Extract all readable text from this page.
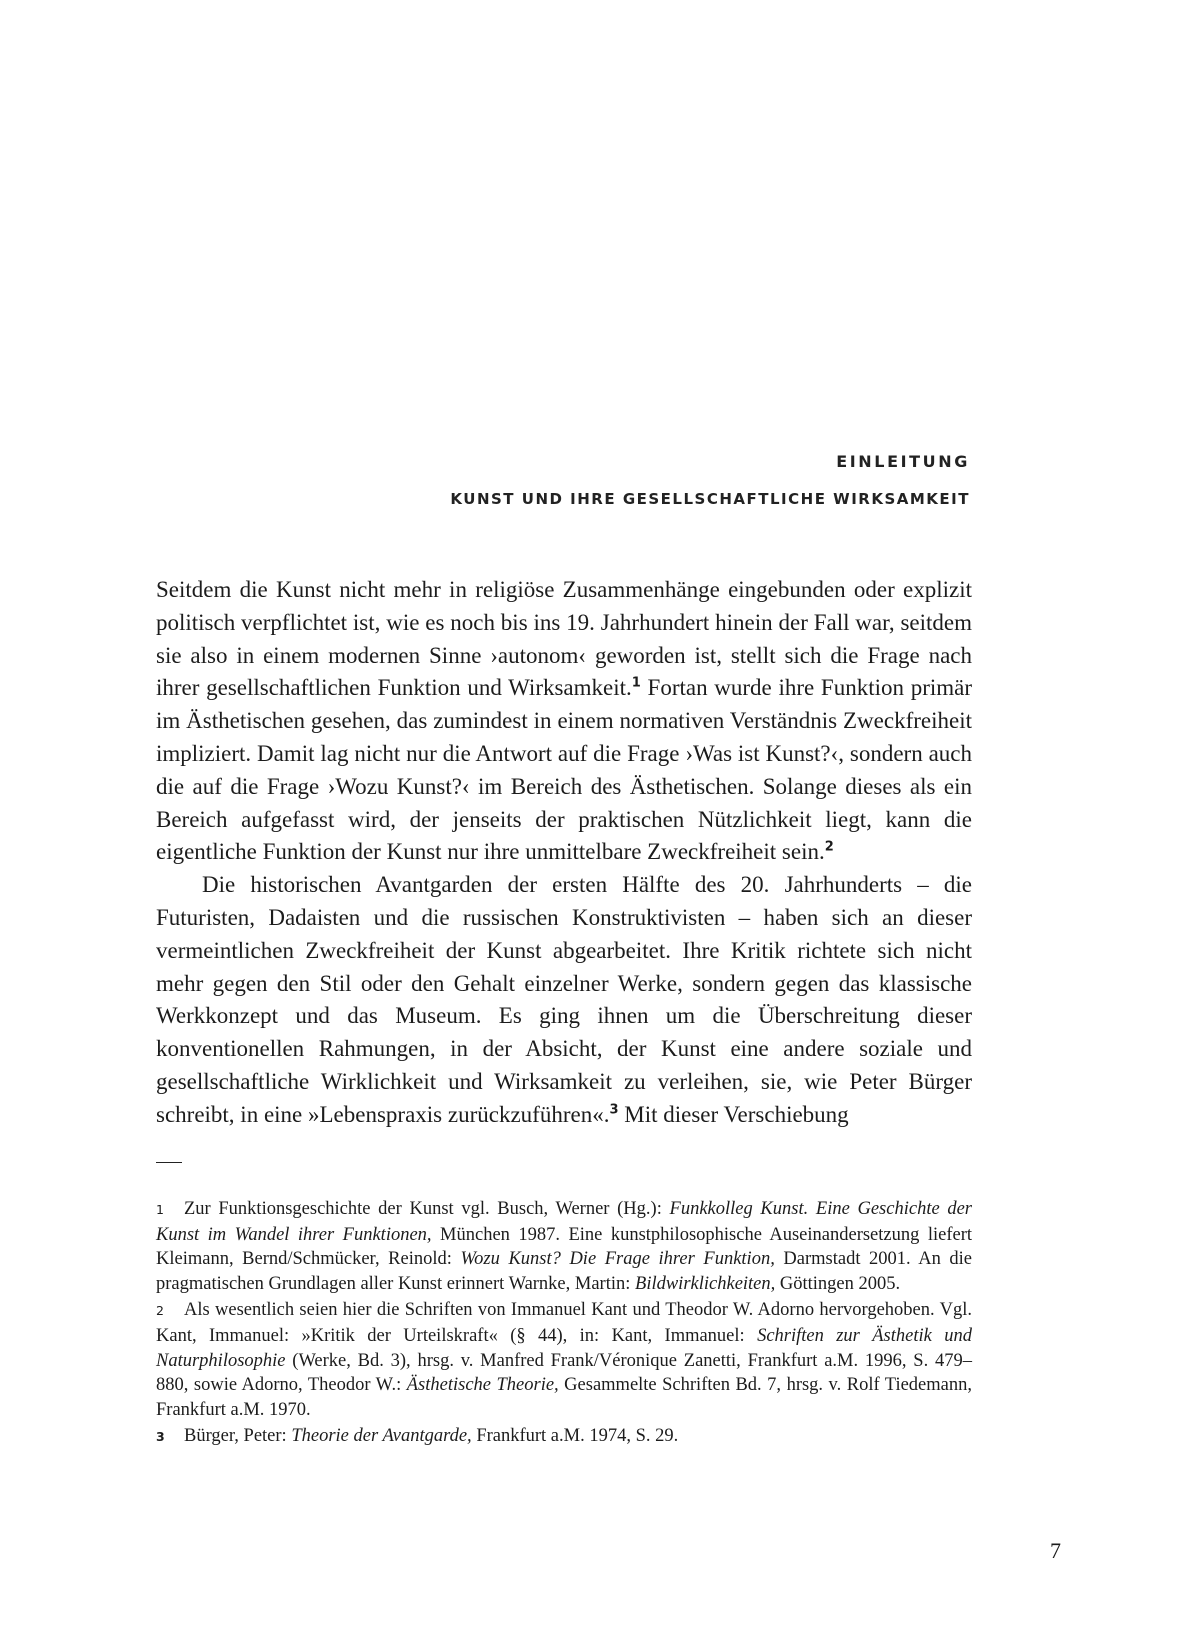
EINLEITUNG
KUNST UND IHRE GESELLSCHAFTLICHE WIRKSAMKEIT

Seitdem die Kunst nicht mehr in religiöse Zusammenhänge eingebunden oder explizit politisch verpflichtet ist, wie es noch bis ins 19. Jahrhundert hinein der Fall war, seitdem sie also in einem modernen Sinne ›autonom‹ geworden ist, stellt sich die Frage nach ihrer gesellschaftlichen Funktion und Wirksamkeit.$^1$ Fortan wurde ihre Funktion primär im Ästhetischen gesehen, das zumindest in einem normativen Verständnis Zweckfreiheit impliziert. Damit lag nicht nur die Antwort auf die Frage ›Was ist Kunst?‹, sondern auch die auf die Frage ›Wozu Kunst?‹ im Bereich des Ästhetischen. Solange dieses als ein Bereich aufgefasst wird, der jenseits der praktischen Nützlichkeit liegt, kann die eigentliche Funktion der Kunst nur ihre unmittelbare Zweckfreiheit sein.$^2$

Die historischen Avantgarden der ersten Hälfte des 20. Jahrhunderts – die Futuristen, Dadaisten und die russischen Konstruktivisten – haben sich an dieser vermeintlichen Zweckfreiheit der Kunst abgearbeitet. Ihre Kritik richtete sich nicht mehr gegen den Stil oder den Gehalt einzelner Werke, sondern gegen das klassische Werkkonzept und das Museum. Es ging ihnen um die Überschreitung dieser konventionellen Rahmungen, in der Absicht, der Kunst eine andere soziale und gesellschaftliche Wirklichkeit und Wirksamkeit zu verleihen, sie, wie Peter Bürger schreibt, in eine »Lebenspraxis zurückzuführen«.$^3$ Mit dieser Verschiebung

1 Zur Funktionsgeschichte der Kunst vgl. Busch, Werner (Hg.): Funkkolleg Kunst. Eine Geschichte der Kunst im Wandel ihrer Funktionen, München 1987. Eine kunstphilosophische Auseinandersetzung liefert Kleimann, Bernd/Schmücker, Reinold: Wozu Kunst? Die Frage ihrer Funktion, Darmstadt 2001. An die pragmatischen Grundlagen aller Kunst erinnert Warnke, Martin: Bildwirklichkeiten, Göttingen 2005.

2 Als wesentlich seien hier die Schriften von Immanuel Kant und Theodor W. Adorno hervorgehoben. Vgl. Kant, Immanuel: »Kritik der Urteilskraft« (§ 44), in: Kant, Immanuel: Schriften zur Ästhetik und Naturphilosophie (Werke, Bd. 3), hrsg. v. Manfred Frank/Véronique Zanetti, Frankfurt a.M. 1996, S. 479–880, sowie Adorno, Theodor W.: Ästhetische Theorie, Gesammelte Schriften Bd. 7, hrsg. v. Rolf Tiedemann, Frankfurt a.M. 1970.

3 Bürger, Peter: Theorie der Avantgarde, Frankfurt a.M. 1974, S. 29.

7
